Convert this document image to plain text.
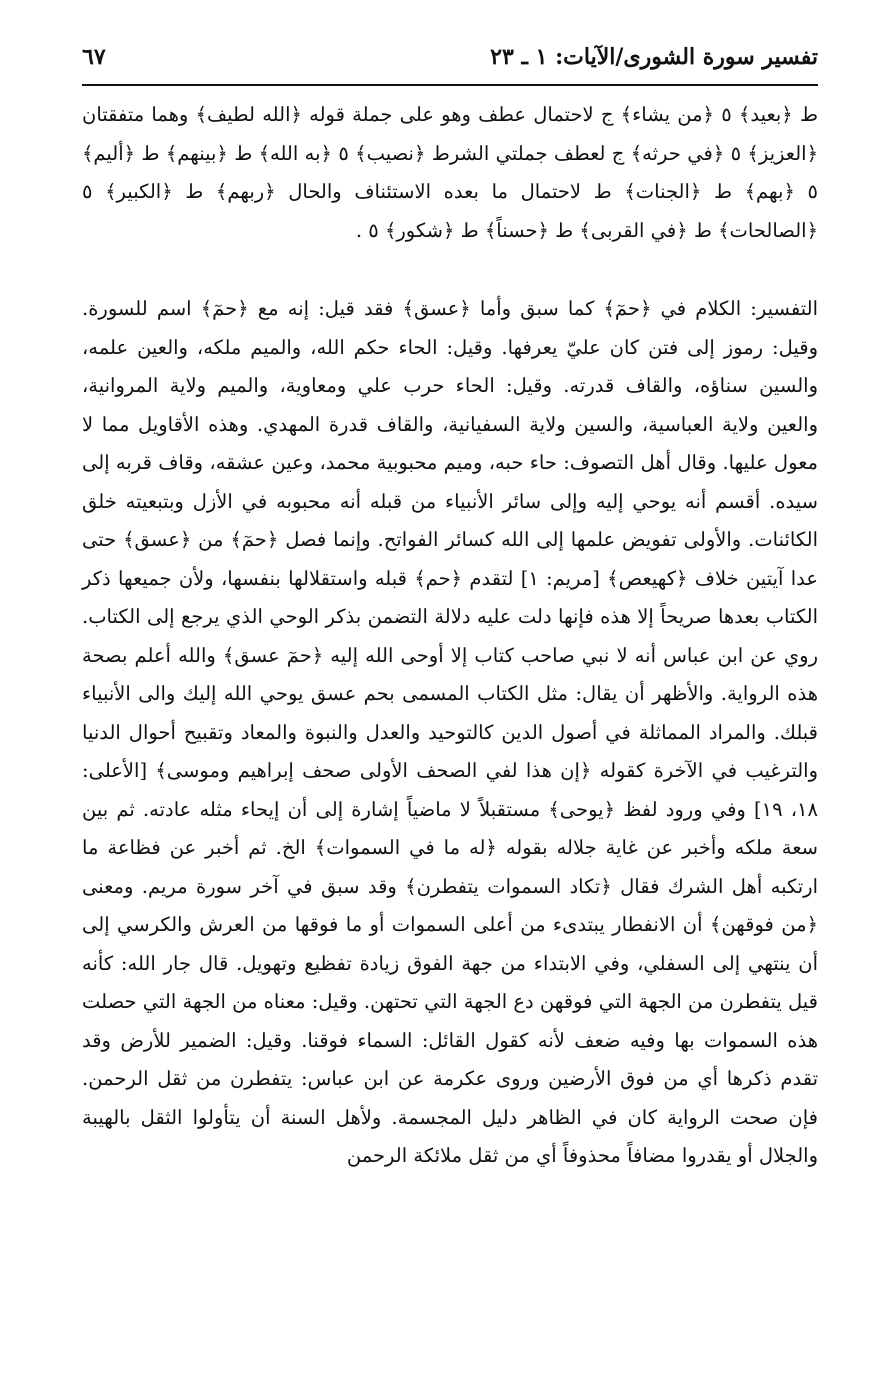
تفسير سورة الشورى/الآيات: ١ ـ ٢٣
٦٧

ط ﴿بعيد﴾ ٥ ﴿من يشاء﴾ ج لاحتمال عطف وهو على جملة قوله ﴿الله لطيف﴾ وهما متفقتان ﴿العزيز﴾ ٥ ﴿في حرثه﴾ ج لعطف جملتي الشرط ﴿نصيب﴾ ٥ ﴿به الله﴾ ط ﴿بينهم﴾ ط ﴿أليم﴾ ٥ ﴿بهم﴾ ط ﴿الجنات﴾ ط لاحتمال ما بعده الاستئناف والحال ﴿ربهم﴾ ط ﴿الكبير﴾ ٥ ﴿الصالحات﴾ ط ﴿في القربى﴾ ط ﴿حسناً﴾ ط ﴿شكور﴾ ٥ .

التفسير: الكلام في ﴿حمٓ﴾ كما سبق وأما ﴿عسق﴾ فقد قيل: إنه مع ﴿حمٓ﴾ اسم للسورة. وقيل: رموز إلى فتن كان عليّ يعرفها. وقيل: الحاء حكم الله، والميم ملكه، والعين علمه، والسين سناؤه، والقاف قدرته. وقيل: الحاء حرب علي ومعاوية، والميم ولاية المروانية، والعين ولاية العباسية، والسين ولاية السفيانية، والقاف قدرة المهدي. وهذه الأقاويل مما لا معول عليها. وقال أهل التصوف: حاء حبه، وميم محبوبية محمد، وعين عشقه، وقاف قربه إلى سيده. أقسم أنه يوحي إليه وإلى سائر الأنبياء من قبله أنه محبوبه في الأزل وبتبعيته خلق الكائنات. والأولى تفويض علمها إلى الله كسائر الفواتح. وإنما فصل ﴿حمٓ﴾ من ﴿عسق﴾ حتى عدا آيتين خلاف ﴿كهيعص﴾ [مريم: ١] لتقدم ﴿حم﴾ قبله واستقلالها بنفسها، ولأن جميعها ذكر الكتاب بعدها صريحاً إلا هذه فإنها دلت عليه دلالة التضمن بذكر الوحي الذي يرجع إلى الكتاب. روي عن ابن عباس أنه لا نبي صاحب كتاب إلا أوحى الله إليه ﴿حمٓ عسق﴾ والله أعلم بصحة هذه الرواية. والأظهر أن يقال: مثل الكتاب المسمى بحم عسق يوحي الله إليك والى الأنبياء قبلك. والمراد المماثلة في أصول الدين كالتوحيد والعدل والنبوة والمعاد وتقبيح أحوال الدنيا والترغيب في الآخرة كقوله ﴿إن هذا لفي الصحف الأولى صحف إبراهيم وموسى﴾ [الأعلى: ١٨، ١٩] وفي ورود لفظ ﴿يوحى﴾ مستقبلاً لا ماضياً إشارة إلى أن إيحاء مثله عادته. ثم بين سعة ملكه وأخبر عن غاية جلاله بقوله ﴿له ما في السموات﴾ الخ. ثم أخبر عن فظاعة ما ارتكبه أهل الشرك فقال ﴿تكاد السموات يتفطرن﴾ وقد سبق في آخر سورة مريم. ومعنى ﴿من فوقهن﴾ أن الانفطار يبتدىء من أعلى السموات أو ما فوقها من العرش والكرسي إلى أن ينتهي إلى السفلي، وفي الابتداء من جهة الفوق زيادة تفظيع وتهويل. قال جار الله: كأنه قيل يتفطرن من الجهة التي فوقهن دع الجهة التي تحتهن. وقيل: معناه من الجهة التي حصلت هذه السموات بها وفيه ضعف لأنه كقول القائل: السماء فوقنا. وقيل: الضمير للأرض وقد تقدم ذكرها أي من فوق الأرضين وروى عكرمة عن ابن عباس: يتفطرن من ثقل الرحمن. فإن صحت الرواية كان في الظاهر دليل المجسمة. ولأهل السنة أن يتأولوا الثقل بالهيبة والجلال أو يقدروا مضافاً محذوفاً أي من ثقل ملائكة الرحمن
